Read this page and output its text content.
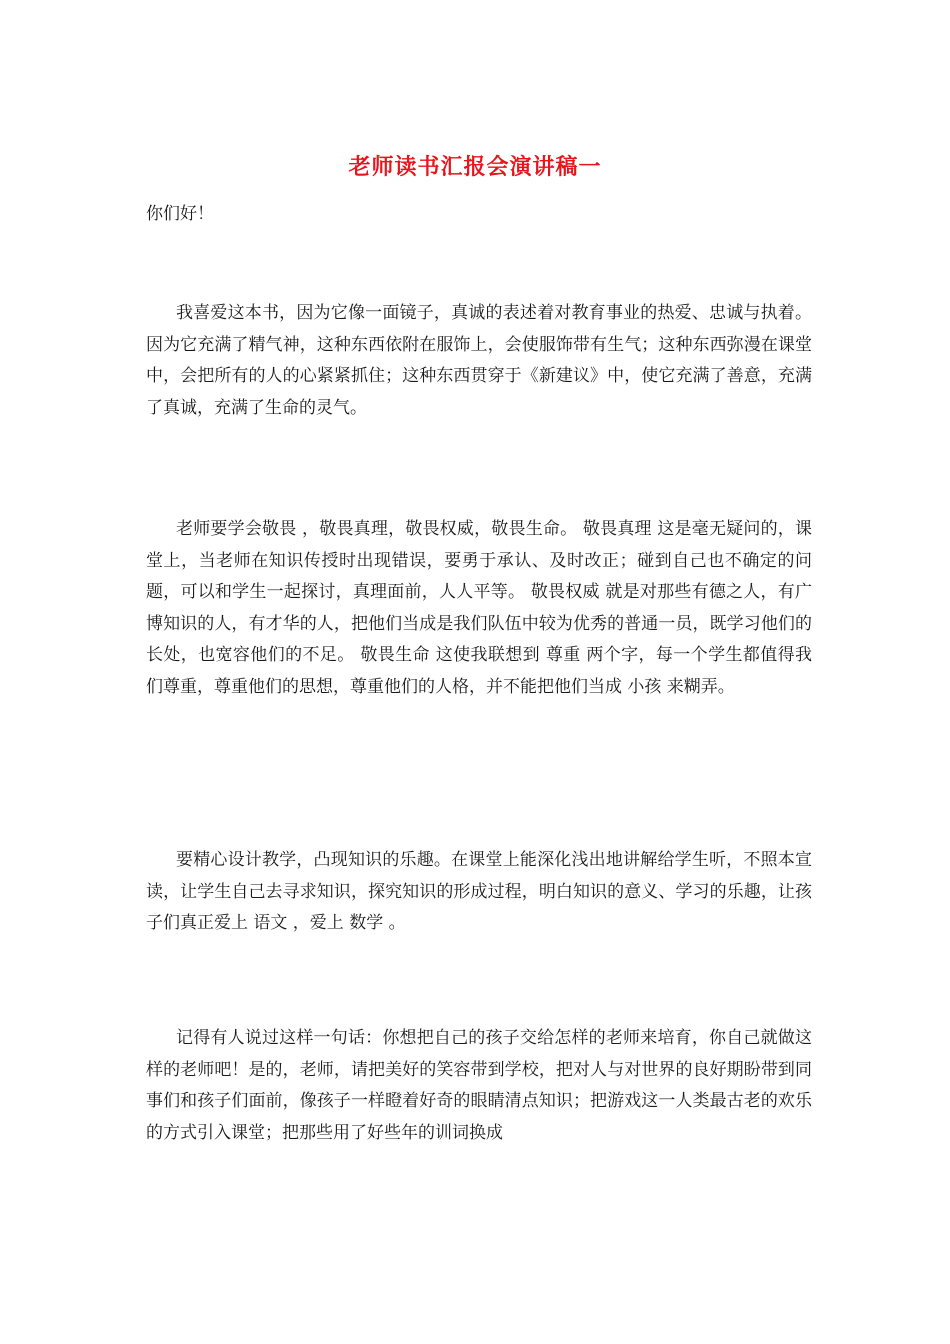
老师读书汇报会演讲稿一
你们好！

我喜爱这本书，因为它像一面镜子，真诚的表述着对教育事业的热爱、忠诚与执着。因为它充满了精气神，这种东西依附在服饰上，会使服饰带有生气；这种东西弥漫在课堂中，会把所有的人的心紧紧抓住；这种东西贯穿于《新建议》中，使它充满了善意，充满了真诚，充满了生命的灵气。

老师要学会敬畏 ，敬畏真理，敬畏权威，敬畏生命。 敬畏真理 这是毫无疑问的，课堂上，当老师在知识传授时出现错误，要勇于承认、及时改正；碰到自己也不确定的问题，可以和学生一起探讨，真理面前，人人平等。 敬畏权威 就是对那些有德之人，有广博知识的人，有才华的人，把他们当成是我们队伍中较为优秀的普通一员，既学习他们的长处，也宽容他们的不足。 敬畏生命 这使我联想到 尊重 两个字，每一个学生都值得我们尊重，尊重他们的思想，尊重他们的人格，并不能把他们当成 小孩 来糊弄。

要精心设计教学，凸现知识的乐趣。在课堂上能深化浅出地讲解给学生听，不照本宣读，让学生自己去寻求知识，探究知识的形成过程，明白知识的意义、学习的乐趣，让孩子们真正爱上 语文 ，爱上 数学 。

记得有人说过这样一句话：你想把自己的孩子交给怎样的老师来培育，你自己就做这样的老师吧！是的，老师，请把美好的笑容带到学校，把对人与对世界的良好期盼带到同事们和孩子们面前，像孩子一样瞪着好奇的眼睛清点知识；把游戏这一人类最古老的欢乐的方式引入课堂；把那些用了好些年的训词换成
